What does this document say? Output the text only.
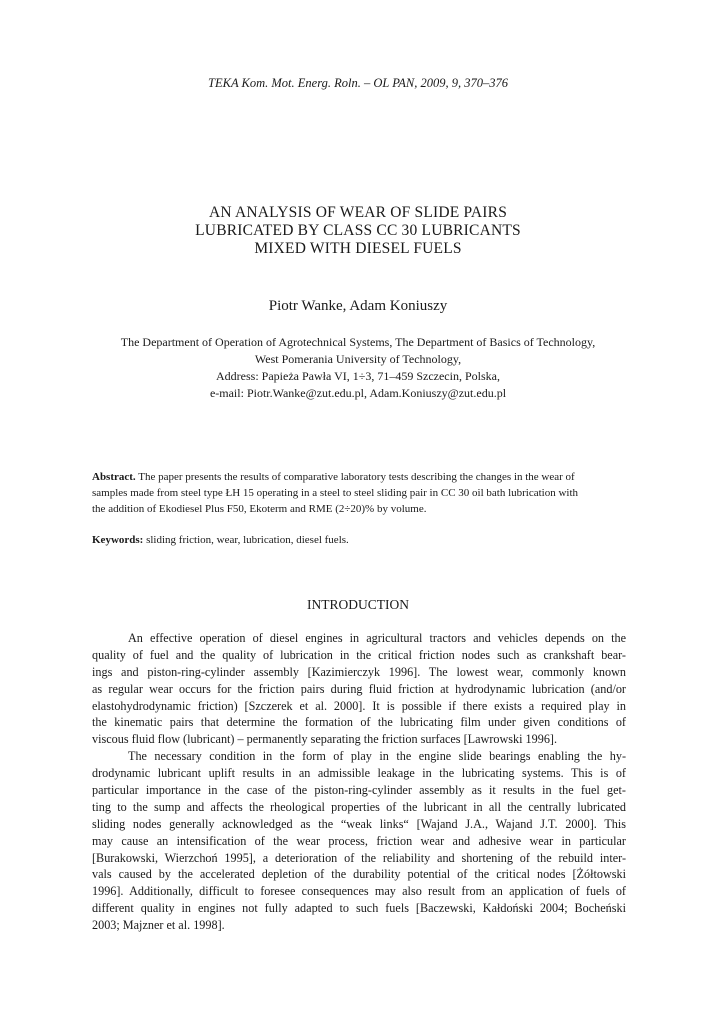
TEKA Kom. Mot. Energ. Roln. – OL PAN, 2009, 9, 370–376
AN ANALYSIS OF WEAR OF SLIDE PAIRS
LUBRICATED BY CLASS CC 30 LUBRICANTS
MIXED WITH DIESEL FUELS
Piotr Wanke, Adam Koniuszy
The Department of Operation of Agrotechnical Systems, The Department of Basics of Technology,
West Pomerania University of Technology,
Address: Papieża Pawła VI, 1÷3, 71–459 Szczecin, Polska,
e-mail: Piotr.Wanke@zut.edu.pl, Adam.Koniuszy@zut.edu.pl
Abstract. The paper presents the results of comparative laboratory tests describing the changes in the wear of
samples made from steel type ŁH 15 operating in a steel to steel sliding pair in CC 30 oil bath lubrication with
the addition of Ekodiesel Plus F50, Ekoterm and RME (2÷20)% by volume.
Keywords: sliding friction, wear, lubrication, diesel fuels.
INTRODUCTION
An effective operation of diesel engines in agricultural tractors and vehicles depends on the
quality of fuel and the quality of lubrication in the critical friction nodes such as crankshaft bear-
ings and piston-ring-cylinder assembly [Kazimierczyk 1996]. The lowest wear, commonly known
as regular wear occurs for the friction pairs during fluid friction at hydrodynamic lubrication (and/or
elastohydrodynamic friction) [Szczerek et al. 2000]. It is possible if there exists a required play in
the kinematic pairs that determine the formation of the lubricating film under given conditions of
viscous fluid flow (lubricant) – permanently separating the friction surfaces [Lawrowski 1996].
The necessary condition in the form of play in the engine slide bearings enabling the hy-
drodynamic lubricant uplift results in an admissible leakage in the lubricating systems. This is of
particular importance in the case of the piston-ring-cylinder assembly as it results in the fuel get-
ting to the sump and affects the rheological properties of the lubricant in all the centrally lubricated
sliding nodes generally acknowledged as the “weak links“ [Wajand J.A., Wajand J.T. 2000]. This
may cause an intensification of the wear process, friction wear and adhesive wear in particular
[Burakowski, Wierzchoń 1995], a deterioration of the reliability and shortening of the rebuild inter-
vals caused by the accelerated depletion of the durability potential of the critical nodes [Żółtowski
1996]. Additionally, difficult to foresee consequences may also result from an application of fuels of
different quality in engines not fully adapted to such fuels [Baczewski, Kałdoński 2004; Bocheński
2003; Majzner et al. 1998].
